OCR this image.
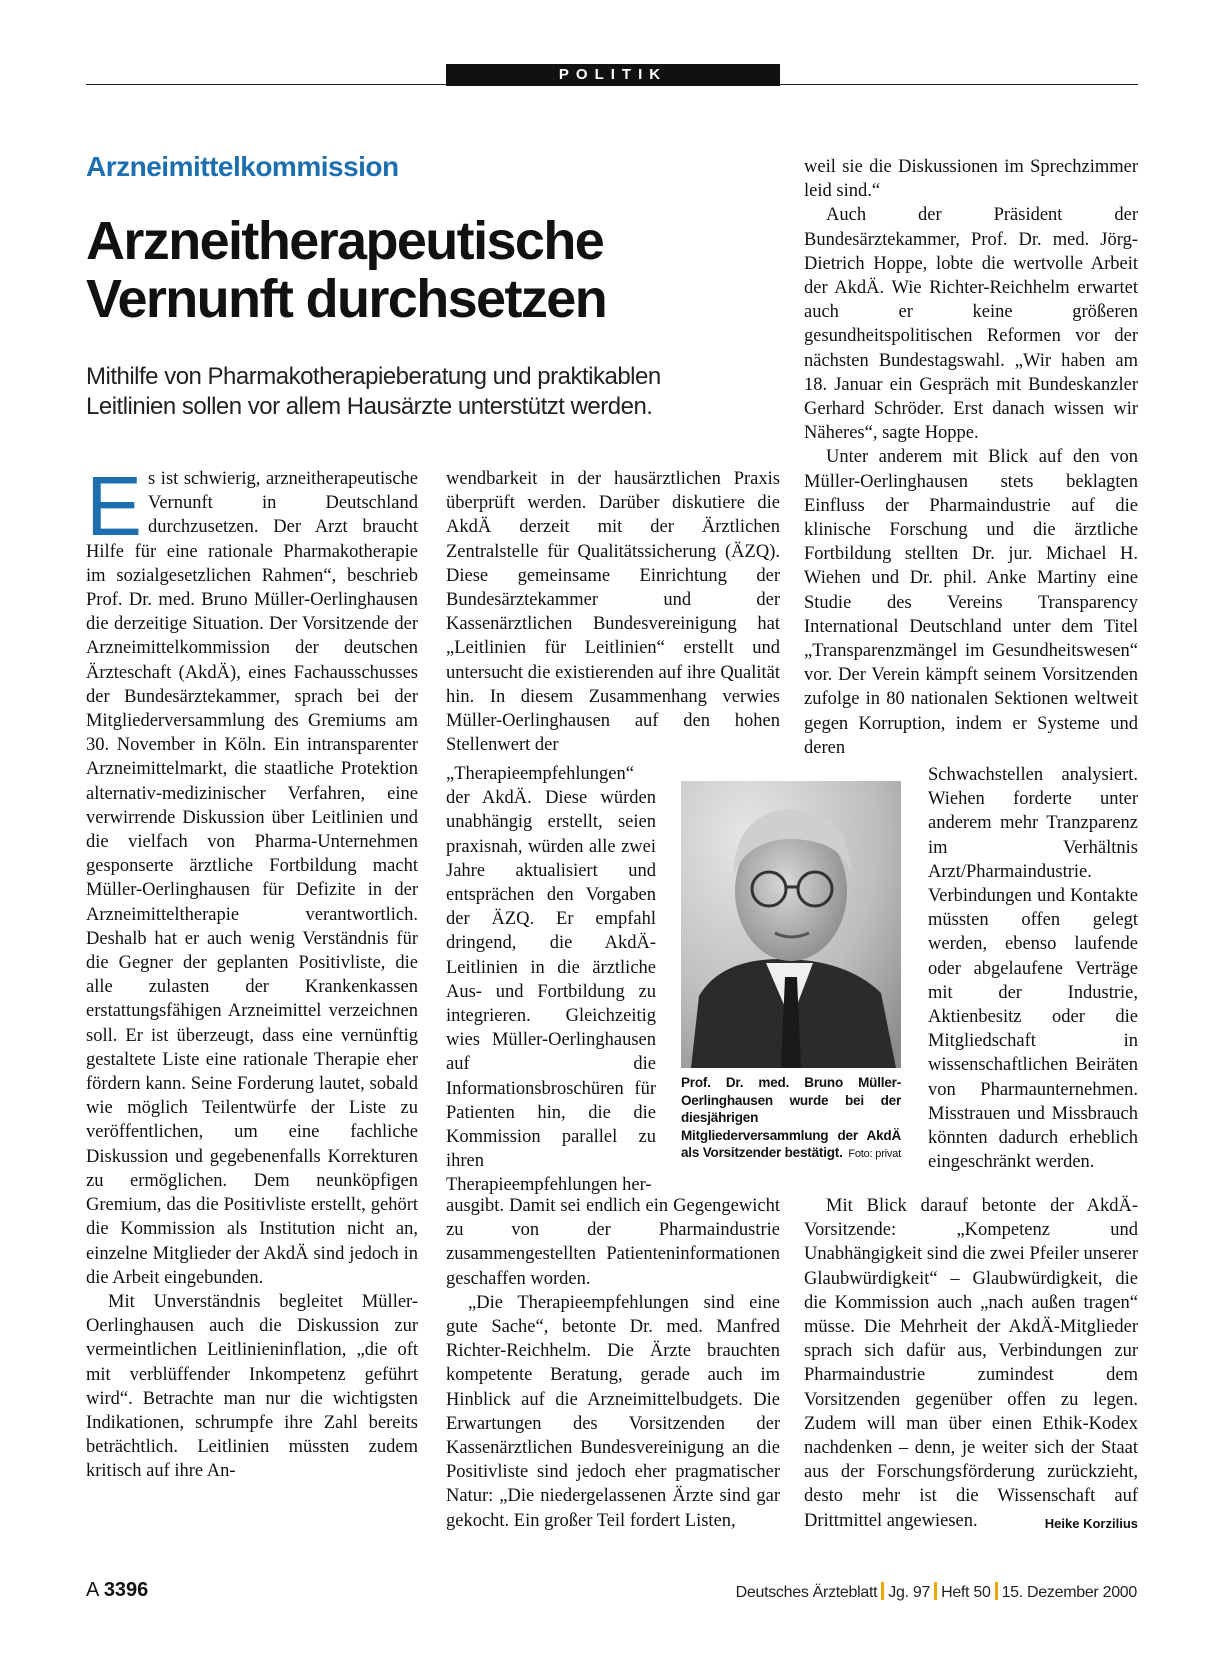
POLITIK
Arzneimittelkommission
Arzneitherapeutische
Vernunft durchsetzen
Mithilfe von Pharmakotherapieberatung und praktikablen
Leitlinien sollen vor allem Hausärzte unterstützt werden.

Es ist schwierig, arzneitherapeutische Vernunft in Deutschland durchzusetzen. Der Arzt braucht Hilfe für eine rationale Pharmakotherapie im sozialgesetzlichen Rahmen“, beschrieb Prof. Dr. med. Bruno Müller-Oerlinghausen die derzeitige Situation. Der Vorsitzende der Arzneimittelkommission der deutschen Ärzteschaft (AkdÄ), eines Fachausschusses der Bundesärztekammer, sprach bei der Mitgliederversammlung des Gremiums am 30. November in Köln. Ein intransparenter Arzneimittelmarkt, die staatliche Protektion alternativ-medizinischer Verfahren, eine verwirrende Diskussion über Leitlinien und die vielfach von Pharma-Unternehmen gesponserte ärztliche Fortbildung macht Müller-Oerlinghausen für Defizite in der Arzneimitteltherapie verantwortlich. Deshalb hat er auch wenig Verständnis für die Gegner der geplanten Positivliste, die alle zulasten der Krankenkassen erstattungsfähigen Arzneimittel verzeichnen soll. Er ist überzeugt, dass eine vernünftig gestaltete Liste eine rationale Therapie eher fördern kann. Seine Forderung lautet, sobald wie möglich Teilentwürfe der Liste zu veröffentlichen, um eine fachliche Diskussion und gegebenenfalls Korrekturen zu ermöglichen. Dem neunköpfigen Gremium, das die Positivliste erstellt, gehört die Kommission als Institution nicht an, einzelne Mitglieder der AkdÄ sind jedoch in die Arbeit eingebunden.

Mit Unverständnis begleitet Müller-Oerlinghausen auch die Diskussion zur vermeintlichen Leitlinieninflation, „die oft mit verblüffender Inkompetenz geführt wird“. Betrachte man nur die wichtigsten Indikationen, schrumpfe ihre Zahl bereits beträchtlich. Leitlinien müssten zudem kritisch auf ihre An-

wendbarkeit in der hausärztlichen Praxis überprüft werden. Darüber diskutiere die AkdÄ derzeit mit der Ärztlichen Zentralstelle für Qualitätssicherung (ÄZQ). Diese gemeinsame Einrichtung der Bundesärztekammer und der Kassenärztlichen Bundesvereinigung hat „Leitlinien für Leitlinien“ erstellt und untersucht die existierenden auf ihre Qualität hin. In diesem Zusammenhang verwies Müller-Oerlinghausen auf den hohen Stellenwert der

„Therapieempfehlungen“ der AkdÄ. Diese würden unabhängig erstellt, seien praxisnah, würden alle zwei Jahre aktualisiert und entsprächen den Vorgaben der ÄZQ. Er empfahl dringend, die AkdÄ-Leitlinien in die ärztliche Aus- und Fortbildung zu integrieren. Gleichzeitig wies Müller-Oerlinghausen auf die Informationsbroschüren für Patienten hin, die die Kommission parallel zu ihren Therapieempfehlungen her-

ausgibt. Damit sei endlich ein Gegengewicht zu von der Pharmaindustrie zusammengestellten Patienteninformationen geschaffen worden.

„Die Therapieempfehlungen sind eine gute Sache“, betonte Dr. med. Manfred Richter-Reichhelm. Die Ärzte brauchten kompetente Beratung, gerade auch im Hinblick auf die Arzneimittelbudgets. Die Erwartungen des Vorsitzenden der Kassenärztlichen Bundesvereinigung an die Positivliste sind jedoch eher pragmatischer Natur: „Die niedergelassenen Ärzte sind gar gekocht. Ein großer Teil fordert Listen,

Prof. Dr. med. Bruno Müller-Oerlinghausen wurde bei der diesjährigen Mitgliederversammlung der AkdÄ als Vorsitzender bestätigt. Foto: privat

weil sie die Diskussionen im Sprechzimmer leid sind.“

Auch der Präsident der Bundesärztekammer, Prof. Dr. med. Jörg-Dietrich Hoppe, lobte die wertvolle Arbeit der AkdÄ. Wie Richter-Reichhelm erwartet auch er keine größeren gesundheitspolitischen Reformen vor der nächsten Bundestagswahl. „Wir haben am 18. Januar ein Gespräch mit Bundeskanzler Gerhard Schröder. Erst danach wissen wir Näheres“, sagte Hoppe.

Unter anderem mit Blick auf den von Müller-Oerlinghausen stets beklagten Einfluss der Pharmaindustrie auf die klinische Forschung und die ärztliche Fortbildung stellten Dr. jur. Michael H. Wiehen und Dr. phil. Anke Martiny eine Studie des Vereins Transparency International Deutschland unter dem Titel „Transparenzmängel im Gesundheitswesen“ vor. Der Verein kämpft seinem Vorsitzenden zufolge in 80 nationalen Sektionen weltweit gegen Korruption, indem er Systeme und deren

Schwachstellen analysiert. Wiehen forderte unter anderem mehr Tranzparenz im Verhältnis Arzt/Pharmaindustrie. Verbindungen und Kontakte müssten offen gelegt werden, ebenso laufende oder abgelaufene Verträge mit der Industrie, Aktienbesitz oder die Mitgliedschaft in wissenschaftlichen Beiräten von Pharmaunternehmen. Misstrauen und Missbrauch könnten dadurch erheblich eingeschränkt werden.

Mit Blick darauf betonte der AkdÄ-Vorsitzende: „Kompetenz und Unabhängigkeit sind die zwei Pfeiler unserer Glaubwürdigkeit“ – Glaubwürdigkeit, die die Kommission auch „nach außen tragen“ müsse. Die Mehrheit der AkdÄ-Mitglieder sprach sich dafür aus, Verbindungen zur Pharmaindustrie zumindest dem Vorsitzenden gegenüber offen zu legen. Zudem will man über einen Ethik-Kodex nachdenken – denn, je weiter sich der Staat aus der Forschungsförderung zurückzieht, desto mehr ist die Wissenschaft auf Drittmittel angewiesen.	Heike Korzilius

A 3396	Deutsches Ärzteblatt Jg. 97 Heft 50 15. Dezember 2000
